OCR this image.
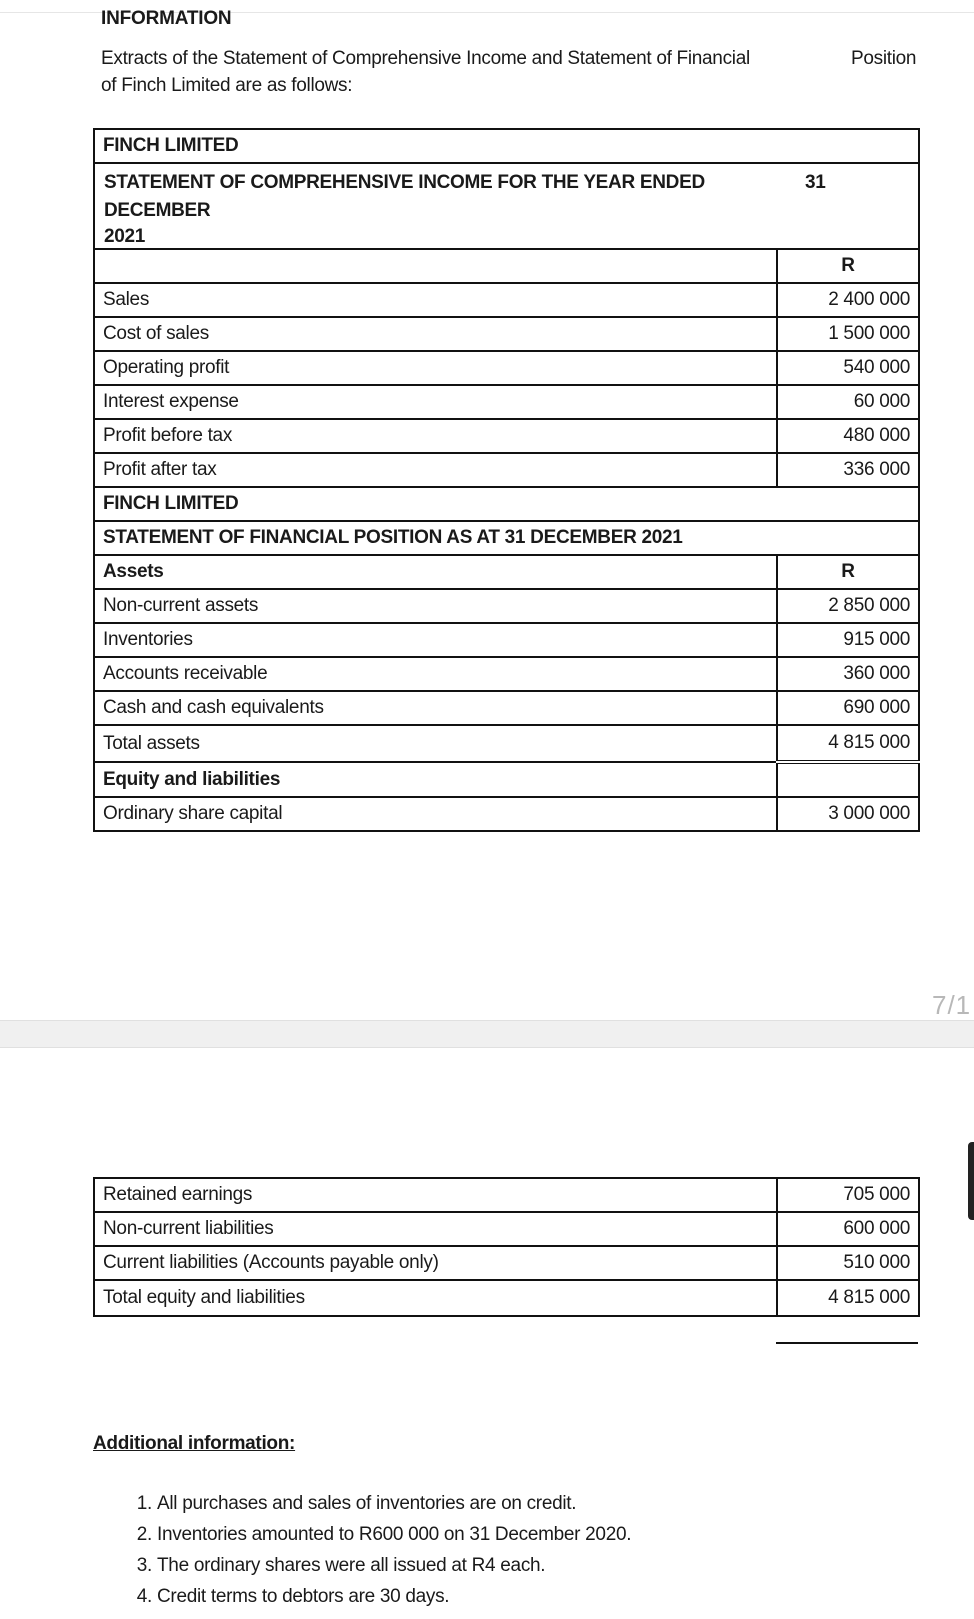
INFORMATION
Extracts of the Statement of Comprehensive Income and Statement of Financial	Position
of Finch Limited are as follows:
FINCH LIMITED	

STATEMENT OF COMPREHENSIVE INCOME FOR THE YEAR ENDED 31
DECEMBER
2021	

	R
Sales	2 400 000
Cost of sales	1 500 000
Operating profit	540 000
Interest expense	60 000
Profit before tax	480 000
Profit after tax	336 000
FINCH LIMITED	
STATEMENT OF FINANCIAL POSITION AS AT 31 DECEMBER 2021	
Assets	R
Non-current assets	2 850 000
Inventories	915 000
Accounts receivable	360 000
Cash and cash equivalents	690 000
Total assets	4 815 000
Equity and liabilities	
Ordinary share capital	3 000 000
7/1
Retained earnings	705 000
Non-current liabilities	600 000
Current liabilities (Accounts payable only)	510 000
Total equity and liabilities	4 815 000
Additional information:
1. All purchases and sales of inventories are on credit.
2. Inventories amounted to R600 000 on 31 December 2020.
3. The ordinary shares were all issued at R4 each.
4. Credit terms to debtors are 30 days.
